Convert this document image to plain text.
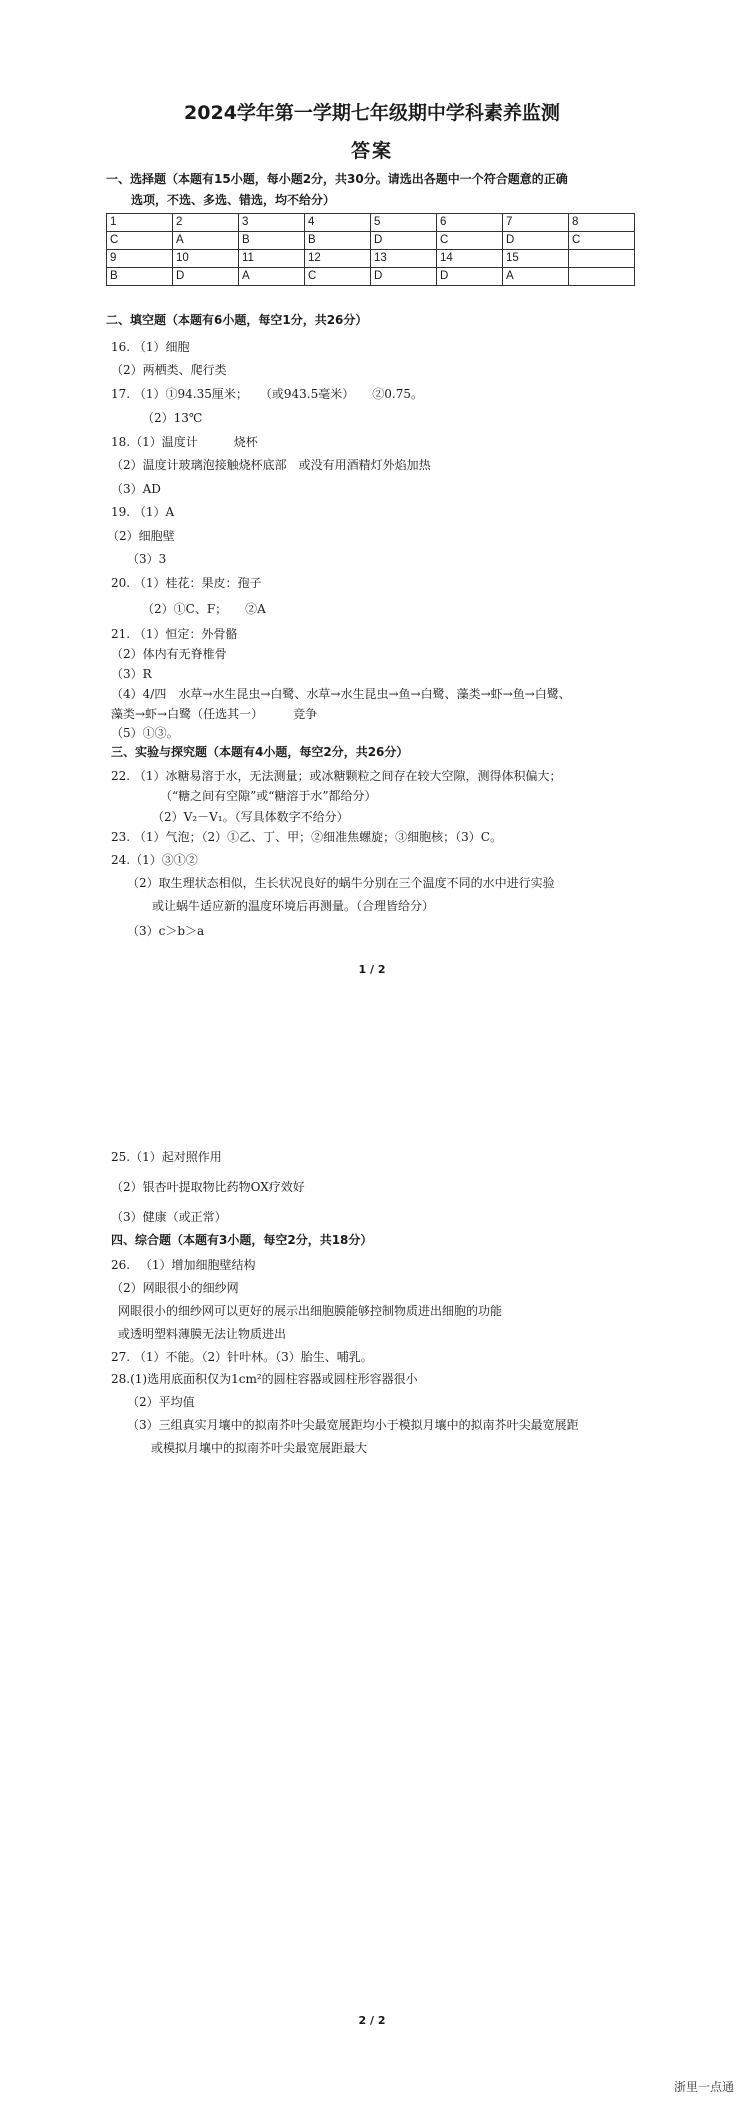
2024学年第一学期七年级期中学科素养监测
答案
一、选择题（本题有15小题，每小题2分，共30分。请选出各题中一个符合题意的正确
选项，不选、多选、错选，均不给分）
1	2	3	4	5	6	7	8
C	A	B	B	D	C	D	C
9	10	11	12	13	14	15	
B	D	A	C	D	D	A	
二、填空题（本题有6小题，每空1分，共26分）
16. （1）细胞
（2）两栖类、爬行类
17. （1）①94.35厘米；　　（或943.5毫米）　　②0.75。
（2）13℃
18.（1）温度计　　　烧杯
（2）温度计玻璃泡接触烧杯底部　或没有用酒精灯外焰加热
（3）AD
19. （1）A
（2）细胞壁
（3）3
20. （1）桂花：果皮：孢子
（2）①C、F；　　②A
21. （1）恒定：外骨骼
（2）体内有无脊椎骨
（3）R
（4）4/四　水草→水生昆虫→白鹭、水草→水生昆虫→鱼→白鹭、藻类→虾→鱼→白鹭、
藻类→虾→白鹭（任选其一）　　　竞争
（5）①③。
三、实验与探究题（本题有4小题，每空2分，共26分）
22. （1）冰糖易溶于水，无法测量；或冰糖颗粒之间存在较大空隙，测得体积偏大；
（“糖之间有空隙”或“糖溶于水”都给分）
（2）V₂－V₁。（写具体数字不给分）
23. （1）气泡；（2）①乙、丁、甲；②细准焦螺旋；③细胞核；（3）C。
24.（1）③①②
（2）取生理状态相似，生长状况良好的蜗牛分别在三个温度不同的水中进行实验
或让蜗牛适应新的温度环境后再测量。（合理皆给分）
（3）c＞b＞a
1 / 2
25.（1）起对照作用
（2）银杏叶提取物比药物OX疗效好
（3）健康（或正常）
四、综合题（本题有3小题，每空2分，共18分）
26. 　（1）增加细胞壁结构
（2）网眼很小的细纱网
网眼很小的细纱网可以更好的展示出细胞膜能够控制物质进出细胞的功能
或透明塑料薄膜无法让物质进出
27. （1）不能。（2）针叶林。（3）胎生、哺乳。
28.(1)选用底面积仅为1cm²的圆柱容器或圆柱形容器很小
（2）平均值
（3）三组真实月壤中的拟南芥叶尖最宽展距均小于模拟月壤中的拟南芥叶尖最宽展距
或模拟月壤中的拟南芥叶尖最宽展距最大
2 / 2
浙里一点通
